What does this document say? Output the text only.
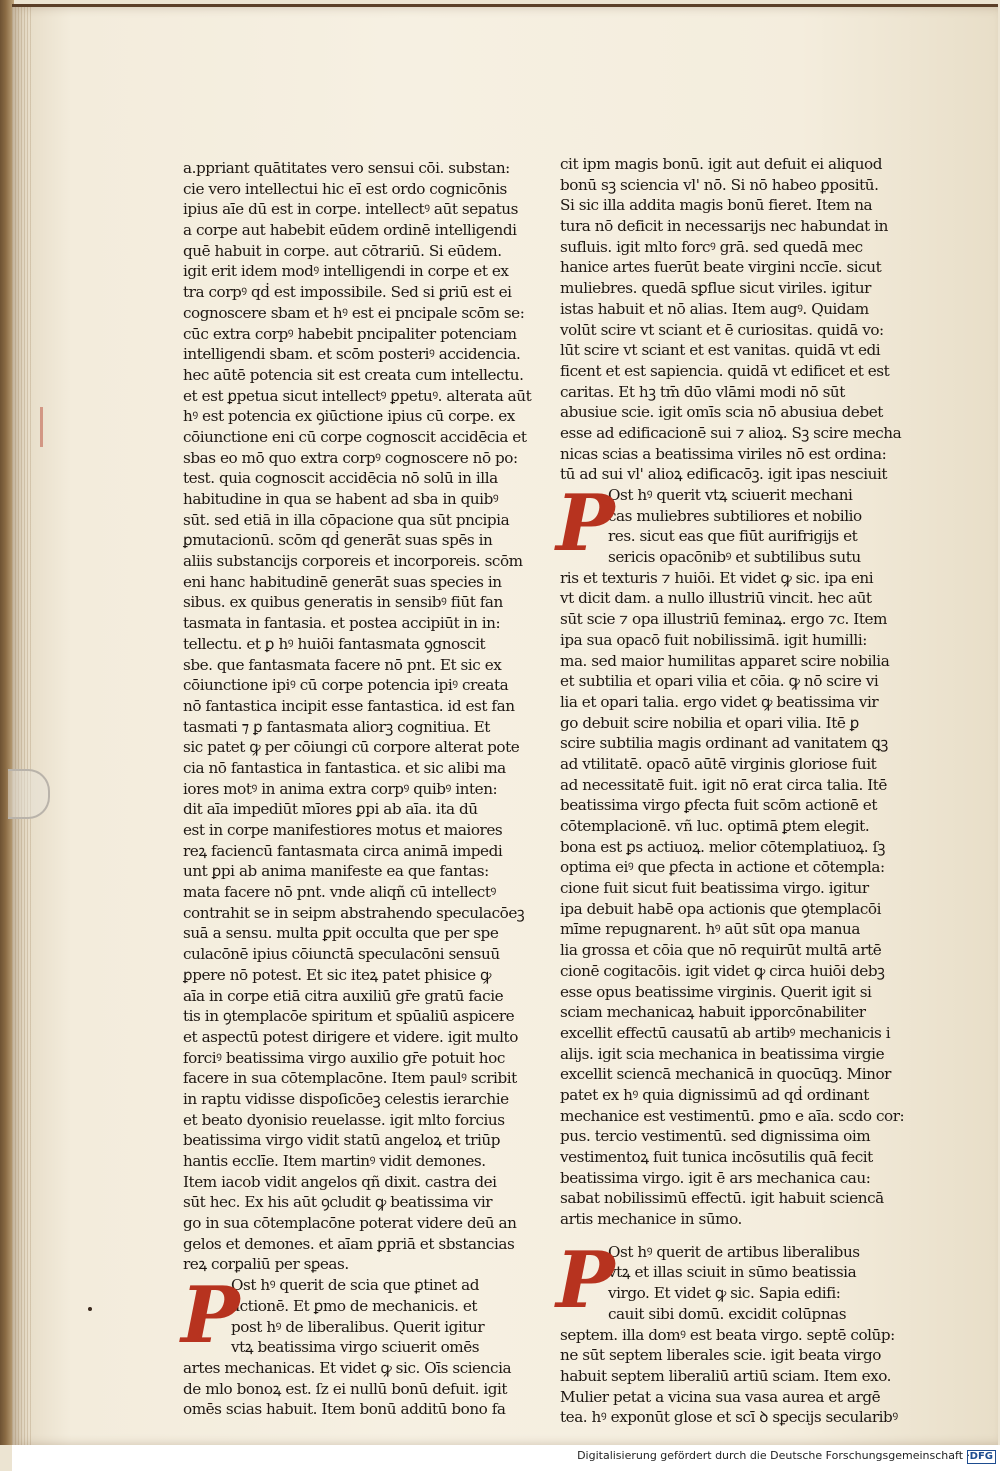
a.ppriant quātitates vero sensui cōi. substan:
cie vero intellectui hic eī est ordo cognicōnis
ipius aīe dū est in corpe. intellectꝰ aūt sepatus
a corpe aut habebit eūdem ordinē intelligendi
quē habuit in corpe. aut cōtrariū. Si eūdem.
igit erit idem modꝰ intelligendi in corpe et ex
tra corpꝰ qḋ est impossibile. Sed si ꝑriū est ei
cognoscere sbam et hꝰ est ei pncipale scōm se:
cūc extra corpꝰ habebit pncipaliter potenciam
intelligendi sbam. et scōm posteriꝰ accidencia.
hec aūtē potencia sit est creata cum intellectu.
et est ꝑpetua sicut intellectꝰ ꝑpetuꝰ. alterata aūt
hꝰ est potencia ex ꝯiūctione ipius cū corpe. ex
cōiunctione eni cū corpe cognoscit accidēcia et
sbas eo mō quo extra corpꝰ cognoscere nō po:
test. quia cognoscit accidēcia nō solū in illa
habitudine in qua se habent ad sba in quibꝰ
sūt. sed etiā in illa cōpacione qua sūt pncipia
ꝑmutacionū. scōm qḋ generāt suas spēs in
aliis substancijs corporeis et incorporeis. scōm
eni hanc habitudinē generāt suas species in
sibus. ex quibus generatis in sensibꝰ fiūt fan
tasmata in fantasia. et postea accipiūt in in:
tellectu. et ꝑ hꝰ huiōi fantasmata ꝯgnoscit
sbe. que fantasmata facere nō pnt. Et sic ex
cōiunctione ipiꝰ cū corpe potencia ipiꝰ creata
nō fantastica incipit esse fantastica. id est fan
tasmati ⁊ ꝑ fantasmata aliorꝫ cognitiua. Et
sic patet ꝙ per cōiungi cū corpore alterat pote
cia nō fantastica in fantastica. et sic alibi ma
iores motꝰ in anima extra corpꝰ quibꝰ inten:
dit aīa impediūt mīores ꝑpi ab aīa. ita dū
est in corpe manifestiores motus et maiores
reꝝ faciencū fantasmata circa animā impedi
unt ꝑpi ab anima manifeste ea que fantas:
mata facere nō pnt. vnde aliqñ cū intellectꝰ
contrahit se in seipm abstrahendo speculacōeꝫ
suā a sensu. multa ꝑpit occulta que per spe
culacōnē ipius cōiunctā speculacōni sensuū
ꝑpere nō potest. Et sic iteꝝ patet phisice ꝙ
aīa in corpe etiā citra auxiliū gr̄e gratū facie
tis in ꝯtemplacōe spiritum et spūaliū aspicere
et aspectū potest dirigere et videre. igit multo
forciꝰ beatissima virgo auxilio gr̄e potuit hoc
facere in sua cōtemplacōne. Item paulꝰ scribit
in raptu vidisse dispoſicōeꝫ celestis ierarchie
et beato dyonisio reuelasse. igit mlto forcius
beatissima virgo vidit statū angeloꝝ et triūp
hantis ecclīe. Item martinꝰ vidit demones.
Item iacob vidit angelos qñ dixit. castra dei
sūt hec. Ex his aūt ꝯcludit ꝙ beatissima vir
go in sua cōtemplacōne poterat videre deū an
gelos et demones. et aīam ꝑpriā et sbstancias
reꝝ corꝑaliū per sꝑeas.
P
Ost hꝰ querit de scia que ꝑtinet ad
actionē. Et ꝑmo de mechanicis. et
post hꝰ de liberalibus. Querit igitur
vtꝝ beatissima virgo sciuerit omēs
artes mechanicas. Et videt ꝙ sic. Oīs sciencia
de mlo bonoꝝ est. ſz ei nullū bonū defuit. igit
omēs scias habuit. Item bonū additū bono fa
cit ipm magis bonū. igit aut defuit ei aliquod
bonū sꝫ sciencia vl' nō. Si nō habeo ꝑpositū.
Si sic illa addita magis bonū fieret. Item na
tura nō deficit in necessarijs nec habundat in
sufluis. igit mlto forcꝰ grā. sed quedā mec
hanice artes fuerūt beate virgini nccīe. sicut
muliebres. quedā sꝑflue sicut viriles. igitur
istas habuit et nō alias. Item augꝰ. Quidam
volūt scire vt sciant et ē curiositas. quidā vo:
lūt scire vt sciant et est vanitas. quidā vt edi
ficent et est sapiencia. quidā vt edificet et est
caritas. Et hꝫ tm̄ dūo vlāmi modi nō sūt
abusiue scie. igit omīs scia nō abusiua debet
esse ad edificacionē sui ⁊ alioꝝ. Sꝫ scire mecha
nicas scias a beatissima viriles nō est ordina:
tū ad sui vl' alioꝝ edificacōꝫ. igit ipas nesciuit
P
Ost hꝰ querit vtꝝ sciuerit mechani
cas muliebres subtiliores et nobilio
res. sicut eas que fiūt aurifrigijs et
sericis opacōnibꝰ et subtilibus sutu
ris et texturis ⁊ huiōi. Et videt ꝙ sic. ipa eni
vt dicit dam. a nullo illustriū vincit. hec aūt
sūt scie ⁊ opa illustriū feminaꝝ. ergo ⁊c. Item
ipa sua opacō fuit nobilissimā. igit humilli:
ma. sed maior humilitas apparet scire nobilia
et subtilia et opari vilia et cōia. ꝙ nō scire vi
lia et opari talia. ergo videt ꝙ beatissima vir
go debuit scire nobilia et opari vilia. Itē ꝑ
scire subtilia magis ordinant ad vanitatem ꝗꝫ
ad vtilitatē. opacō aūtē virginis gloriose fuit
ad necessitatē fuit. igit nō erat circa talia. Itē
beatissima virgo ꝑfecta fuit scōm actionē et
cōtemplacionē. vñ luc. optimā ꝑtem elegit.
bona est ꝑs actiuoꝝ. melior cōtemplatiuoꝝ. ſꝫ
optima eiꝰ que ꝑfecta in actione et cōtempla:
cione fuit sicut fuit beatissima virgo. igitur
ipa debuit habē opa actionis que ꝯtemplacōi
mīme repugnarent. hꝰ aūt sūt opa manua
lia grossa et cōia que nō requirūt multā artē
cionē cogitacōis. igit videt ꝙ circa huiōi debꝫ
esse opus beatissime virginis. Querit igit si
sciam mechanicaꝝ habuit iꝑporcōnabiliter
excellit effectū causatū ab artibꝰ mechanicis i
alijs. igit scia mechanica in beatissima virgie
excellit sciencā mechanicā in quocūqꝫ. Minor
patet ex hꝰ quia dignissimū ad qḋ ordinant
mechanice est vestimentū. ꝑmo e aīa. scdo cor:
pus. tercio vestimentū. sed dignissima oim
vestimentoꝝ fuit tunica incōsutilis quā fecit
beatissima virgo. igit ē ars mechanica cau:
sabat nobilissimū effectū. igit habuit sciencā
artis mechanice in sūmo.
P
Ost hꝰ querit de artibus liberalibus
vtꝝ et illas sciuit in sūmo beatissia
virgo. Et videt ꝙ sic. Sapia edifi:
cauit sibi domū. excidit colūpnas
septem. illa domꝰ est beata virgo. septē colūp:
ne sūt septem liberales scie. igit beata virgo
habuit septem liberaliū artiū sciam. Item exo.
Mulier petat a vicina sua vasa aurea et argē
tea. hꝰ exponūt glose et scī ꝺ sꝑecijs secularibꝰ
Digitalisierung gefördert durch die Deutsche Forschungsgemeinschaft · DFG
